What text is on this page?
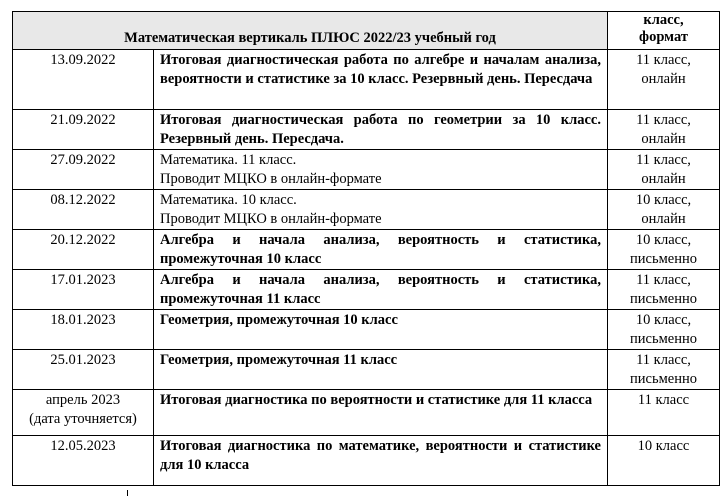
Математическая вертикаль ПЛЮС 2022/23 учебный год		класс,
формат

13.09.2022	Итоговая диагностическая работа по алгебре и началам анализа, вероятности и статистике за 10 класс. Резервный день. Пересдача	11 класс,
онлайн

21.09.2022	Итоговая диагностическая работа по геометрии за 10 класс. Резервный день. Пересдача.	11 класс,
онлайн

27.09.2022	Математика. 11 класс.
Проводит МЦКО в онлайн-формате	11 класс,
онлайн

08.12.2022	Математика. 10 класс.
Проводит МЦКО в онлайн-формате	10 класс,
онлайн

20.12.2022	Алгебра и начала анализа, вероятность и статистика, промежуточная 10 класс	10 класс,
письменно

17.01.2023	Алгебра и начала анализа, вероятность и статистика, промежуточная 11 класс	11 класс,
письменно

18.01.2023	Геометрия, промежуточная 10 класс	10 класс,
письменно

25.01.2023	Геометрия, промежуточная 11 класс	11 класс,
письменно

апрель 2023
(дата уточняется)	Итоговая диагностика по вероятности и статистике для 11 класса	11 класс

12.05.2023	Итоговая диагностика по математике, вероятности и статистике для 10 класса	10 класс
